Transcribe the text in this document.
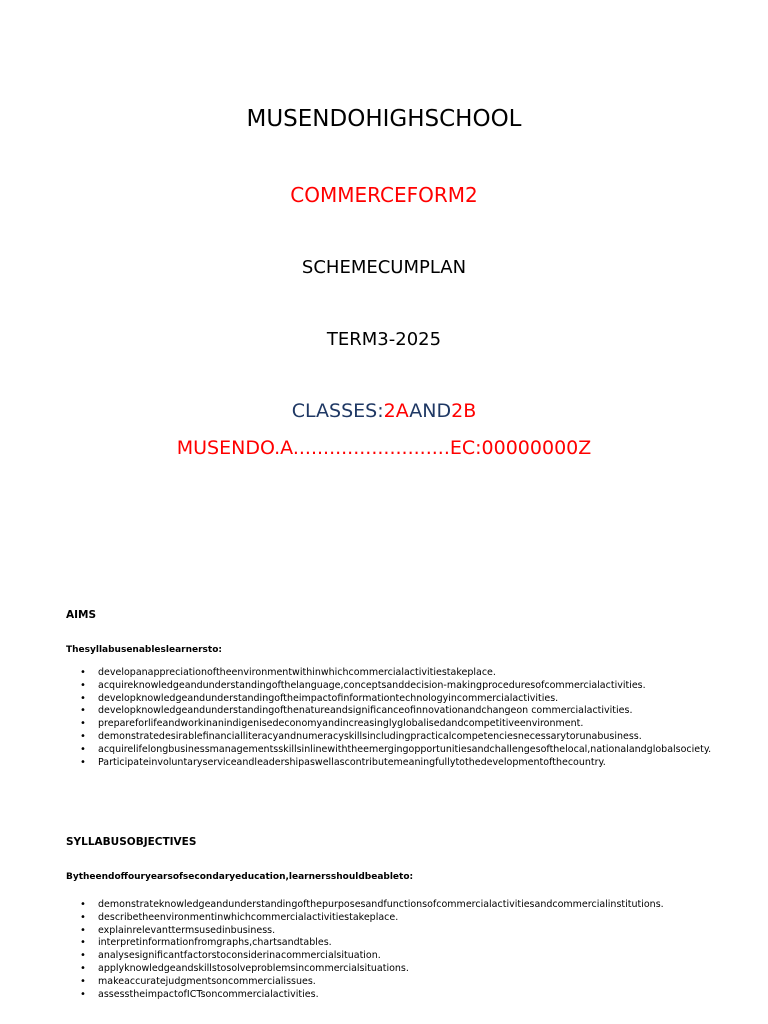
MUSENDOHIGHSCHOOL
COMMERCEFORM2
SCHEMECUMPLAN
TERM3-2025
CLASSES:2AAND2B
MUSENDO.A..........................EC:00000000Z
AIMS
Thesyllabusenableslearnersto:
• developanappreciationoftheenvironmentwithinwhichcommercialactivitiestakeplace.
• acquireknowledgeandunderstandingofthelanguage,conceptsanddecision-makingproceduresofcommercialactivities.
• developknowledgeandunderstandingoftheimpactofinformationtechnologyincommercialactivities.
• developknowledgeandunderstandingofthenatureandsignificanceofinnovationandchangeon commercialactivities.
• prepareforlifeandworkinanindigenisedeconomyandincreasinglyglobalisedandcompetitiveenvironment.
• demonstratedesirablefinancialliteracyandnumeracyskillsincludingpracticalcompetenciesnecessarytorunabusiness.
• acquirelifelongbusinessmanagementsskillsinlinewiththeemergingopportunitiesandchallengesofthelocal,nationalandglobalsociety.
• Participateinvoluntaryserviceandleadershipaswellascontributemeaningfullytothedevelopmentofthecountry.
SYLLABUSOBJECTIVES
Bytheendoffouryearsofsecondaryeducation,learnersshouldbeableto:
• demonstrateknowledgeandunderstandingofthepurposesandfunctionsofcommercialactivitiesandcommercialinstitutions.
• describetheenvironmentinwhichcommercialactivitiestakeplace.
• explainrelevanttermsusedinbusiness.
• interpretinformationfromgraphs,chartsandtables.
• analysesignificantfactorstoconsiderinacommercialsituation.
• applyknowledgeandskillstosolveproblemsincommercialsituations.
• makeaccuratejudgmentsoncommercialissues.
• assesstheimpactofICTsoncommercialactivities.
